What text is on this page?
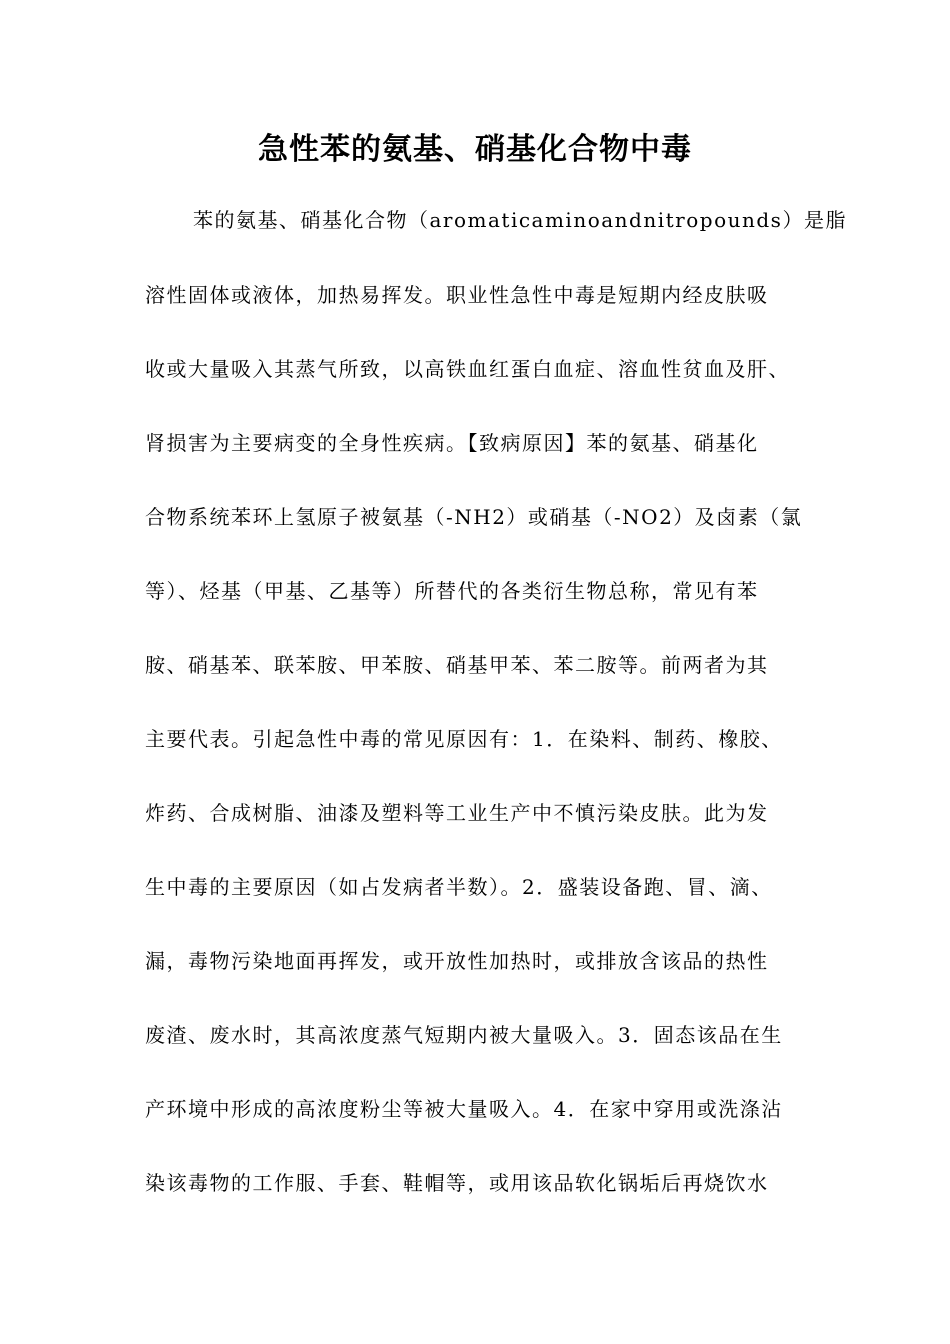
急性苯的氨基、硝基化合物中毒
苯的氨基、硝基化合物（aromaticaminoandnitropounds）是脂
溶性固体或液体，加热易挥发。职业性急性中毒是短期内经皮肤吸
收或大量吸入其蒸气所致，以高铁血红蛋白血症、溶血性贫血及肝、
肾损害为主要病变的全身性疾病。【致病原因】苯的氨基、硝基化
合物系统苯环上氢原子被氨基（-NH2）或硝基（-NO2）及卤素（氯
等）、烃基（甲基、乙基等）所替代的各类衍生物总称，常见有苯
胺、硝基苯、联苯胺、甲苯胺、硝基甲苯、苯二胺等。前两者为其
主要代表。引起急性中毒的常见原因有：1．在染料、制药、橡胶、
炸药、合成树脂、油漆及塑料等工业生产中不慎污染皮肤。此为发
生中毒的主要原因（如占发病者半数）。2．盛装设备跑、冒、滴、
漏，毒物污染地面再挥发，或开放性加热时，或排放含该品的热性
废渣、废水时，其高浓度蒸气短期内被大量吸入。3．固态该品在生
产环境中形成的高浓度粉尘等被大量吸入。4．在家中穿用或洗涤沾
染该毒物的工作服、手套、鞋帽等，或用该品软化锅垢后再烧饮水
